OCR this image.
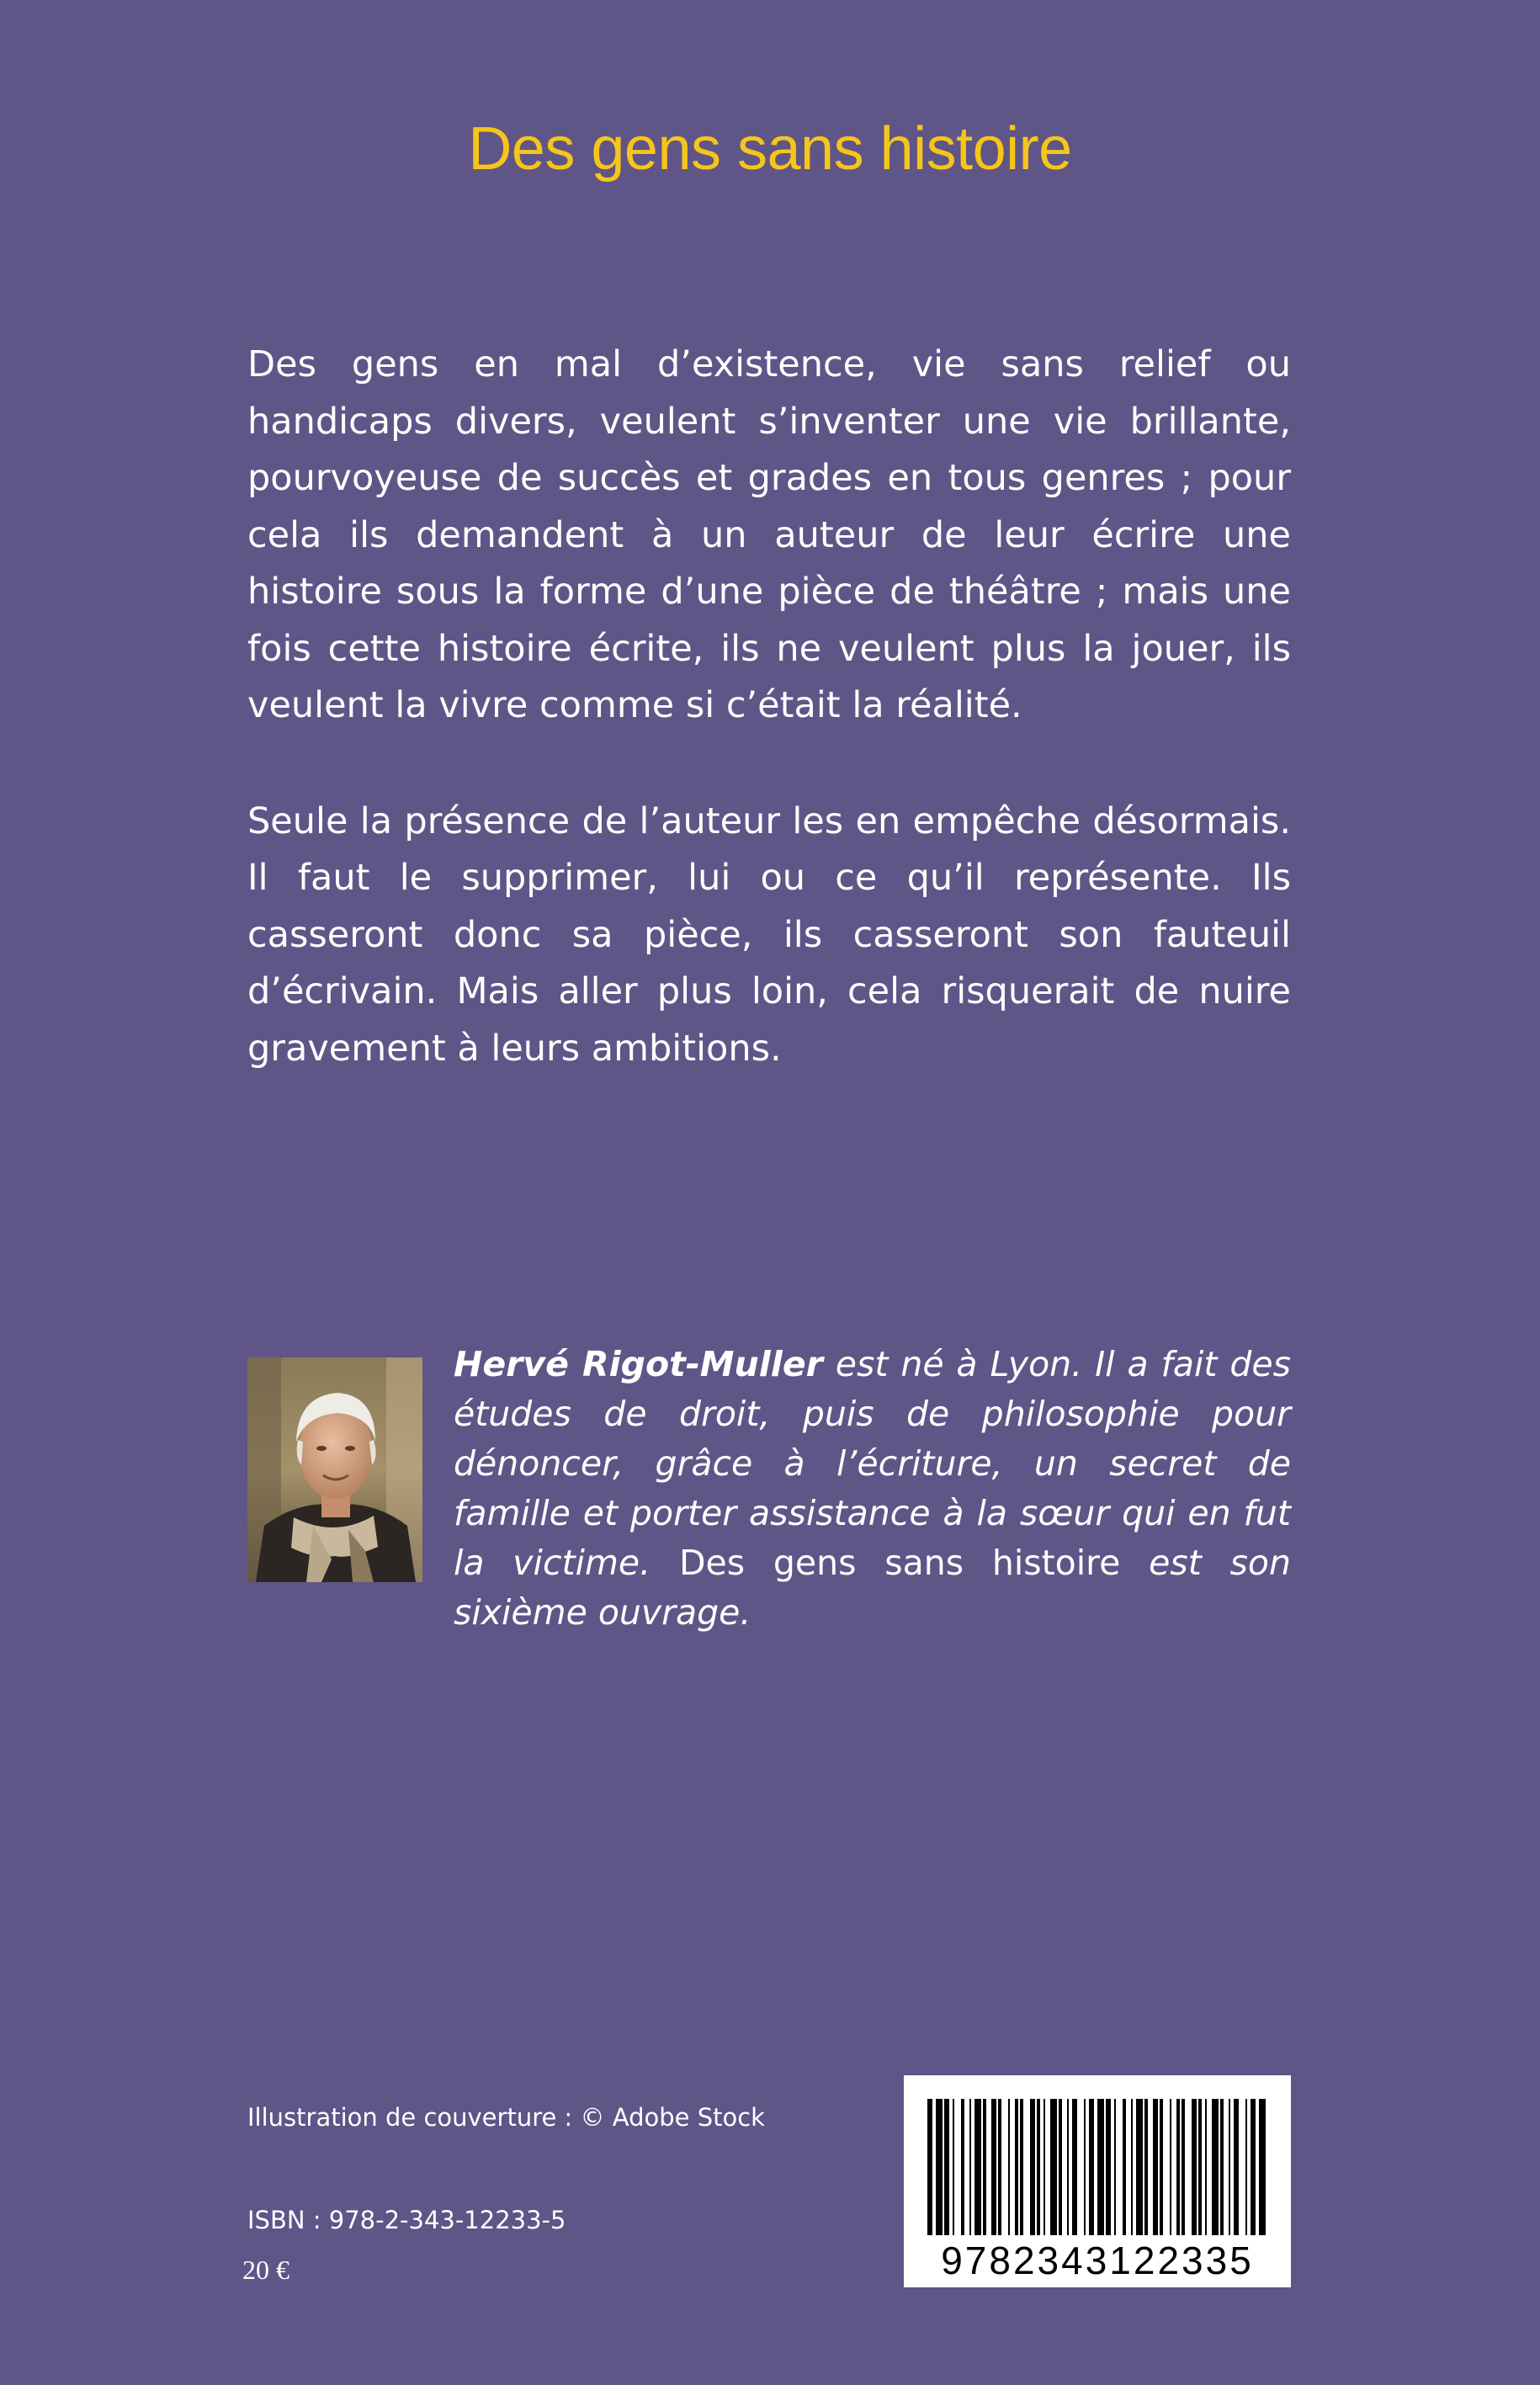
Des gens sans histoire

Des gens en mal d’existence, vie sans relief ou handicaps divers, veulent s’inventer une vie brillante, pourvoyeuse de succès et grades en tous genres ; pour cela ils demandent à un auteur de leur écrire une histoire sous la forme d’une pièce de théâtre ; mais une fois cette histoire écrite, ils ne veulent plus la jouer, ils veulent la vivre comme si c’était la réalité.

Seule la présence de l’auteur les en empêche désormais. Il faut le supprimer, lui ou ce qu’il représente. Ils casseront donc sa pièce, ils casseront son fauteuil d’écrivain. Mais aller plus loin, cela risquerait de nuire gravement à leurs ambitions.

Hervé Rigot-Muller est né à Lyon. Il a fait des études de droit, puis de philosophie pour dénoncer, grâce à l’écriture, un secret de famille et porter assistance à la sœur qui en fut la victime. Des gens sans histoire est son sixième ouvrage.
Illustration de couverture : © Adobe Stock
ISBN : 978-2-343-12233-5
20 €	9782343122335
